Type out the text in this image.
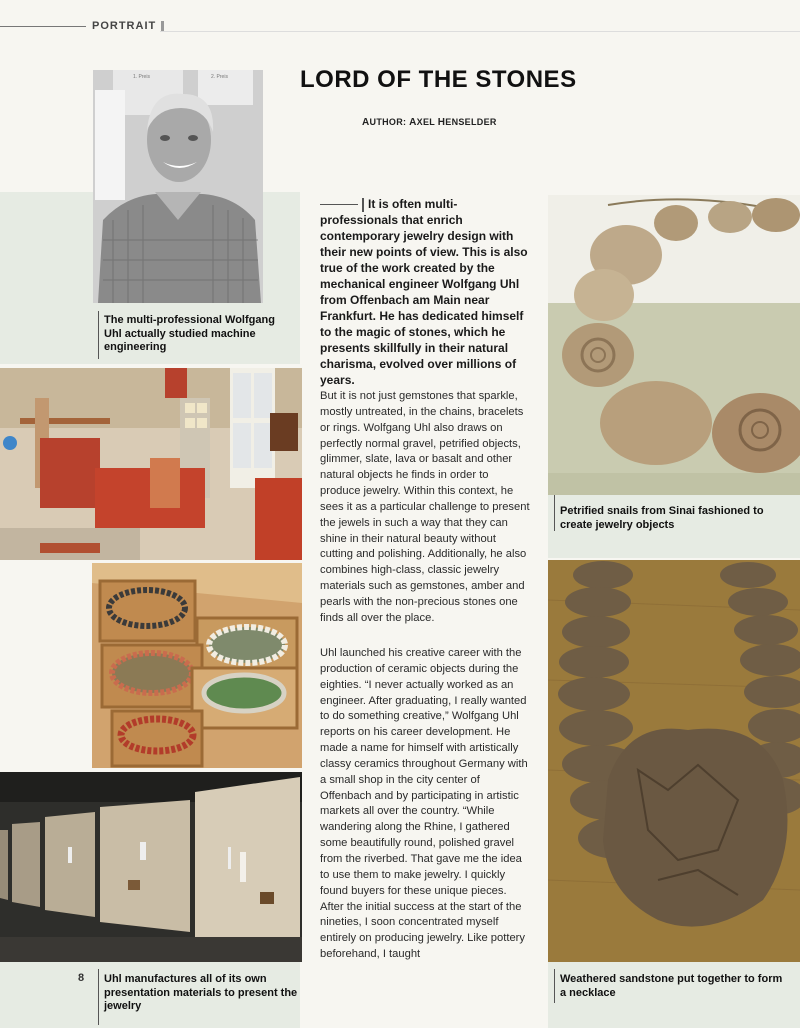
PORTRAIT
LORD OF THE STONES
AUTHOR: AXEL HENSELDER
1. Preis	2. Preis
The multi-professional Wolfgang Uhl actually studied machine engineering
Uhl manufactures all of its own presentation materials to present the jewelry
8
It is often multi-professionals that enrich contemporary jewelry design with their new points of view. This is also true of the work created by the mechanical engineer Wolfgang Uhl from Offenbach am Main near Frankfurt. He has dedicated himself to the magic of stones, which he presents skillfully in their natural charisma, evolved over millions of years.
But it is not just gemstones that sparkle, mostly untreated, in the chains, bracelets or rings. Wolfgang Uhl also draws on perfectly normal gravel, petrified objects, glimmer, slate, lava or basalt and other natural objects he finds in order to produce jewelry. Within this context, he sees it as a particular challenge to present the jewels in such a way that they can shine in their natural beauty without cutting and polishing. Additionally, he also combines high-class, classic jewelry materials such as gemstones, amber and pearls with the non-precious stones one finds all over the place.
Uhl launched his creative career with the production of ceramic objects during the eighties. “I never actually worked as an engineer. After graduating, I really wanted to do something creative,” Wolfgang Uhl reports on his career development. He made a name for himself with artistically classy ceramics throughout Germany with a small shop in the city center of Offenbach and by participating in artistic markets all over the country. “While wandering along the Rhine, I gathered some beautifully round, polished gravel from the riverbed. That gave me the idea to use them to make jewelry. I quickly found buyers for these unique pieces. After the initial success at the start of the nineties, I soon concentrated myself entirely on producing jewelry. Like pottery beforehand, I taught
Petrified snails from Sinai fashioned to create jewelry objects
Weathered sandstone put together to form a necklace
